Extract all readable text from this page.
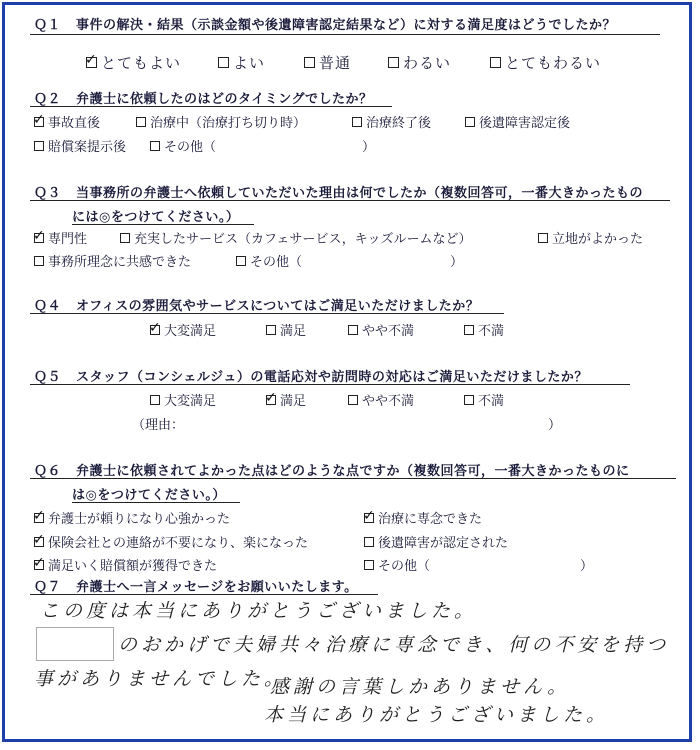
Ｑ１ 事件の解決・結果（示談金額や後遺障害認定結果など）に対する満足度はどうでしたか？
✓ とてもよい	よい	普通	わるい	とてもわるい
Ｑ２ 弁護士に依頼したのはどのタイミングでしたか？
✓ 事故直後	治療中（治療打ち切り時）	治療終了後	後遺障害認定後
賠償案提示後	その他（	）
Ｑ３ 当事務所の弁護士へ依頼していただいた理由は何でしたか（複数回答可，一番大きかったもの
には◎をつけてください。）
✓ 専門性	充実したサービス（カフェサービス，キッズルームなど）	立地がよかった
事務所理念に共感できた	その他（	）
Ｑ４ オフィスの雰囲気やサービスについてはご満足いただけましたか？
✓ 大変満足	満足	やや不満	不満
Ｑ５ スタッフ（コンシェルジュ）の電話応対や訪問時の対応はご満足いただけましたか？
大変満足	✓ 満足	やや不満	不満
（理由：	）
Ｑ６ 弁護士に依頼されてよかった点はどのような点ですか（複数回答可，一番大きかったものに
は◎をつけてください。）
✓ 弁護士が頼りになり心強かった	✓ 治療に専念できた
✓ 保険会社との連絡が不要になり、楽になった	後遺障害が認定された
✓ 満足いく賠償額が獲得できた	その他（	）
Ｑ７ 弁護士へ一言メッセージをお願いいたします。
この度は本当にありがとうございました。
のおかげで夫婦共々治療に専念でき、何の不安を持つ
事がありませんでした。
感謝の言葉しかありません。
本当にありがとうございました。
